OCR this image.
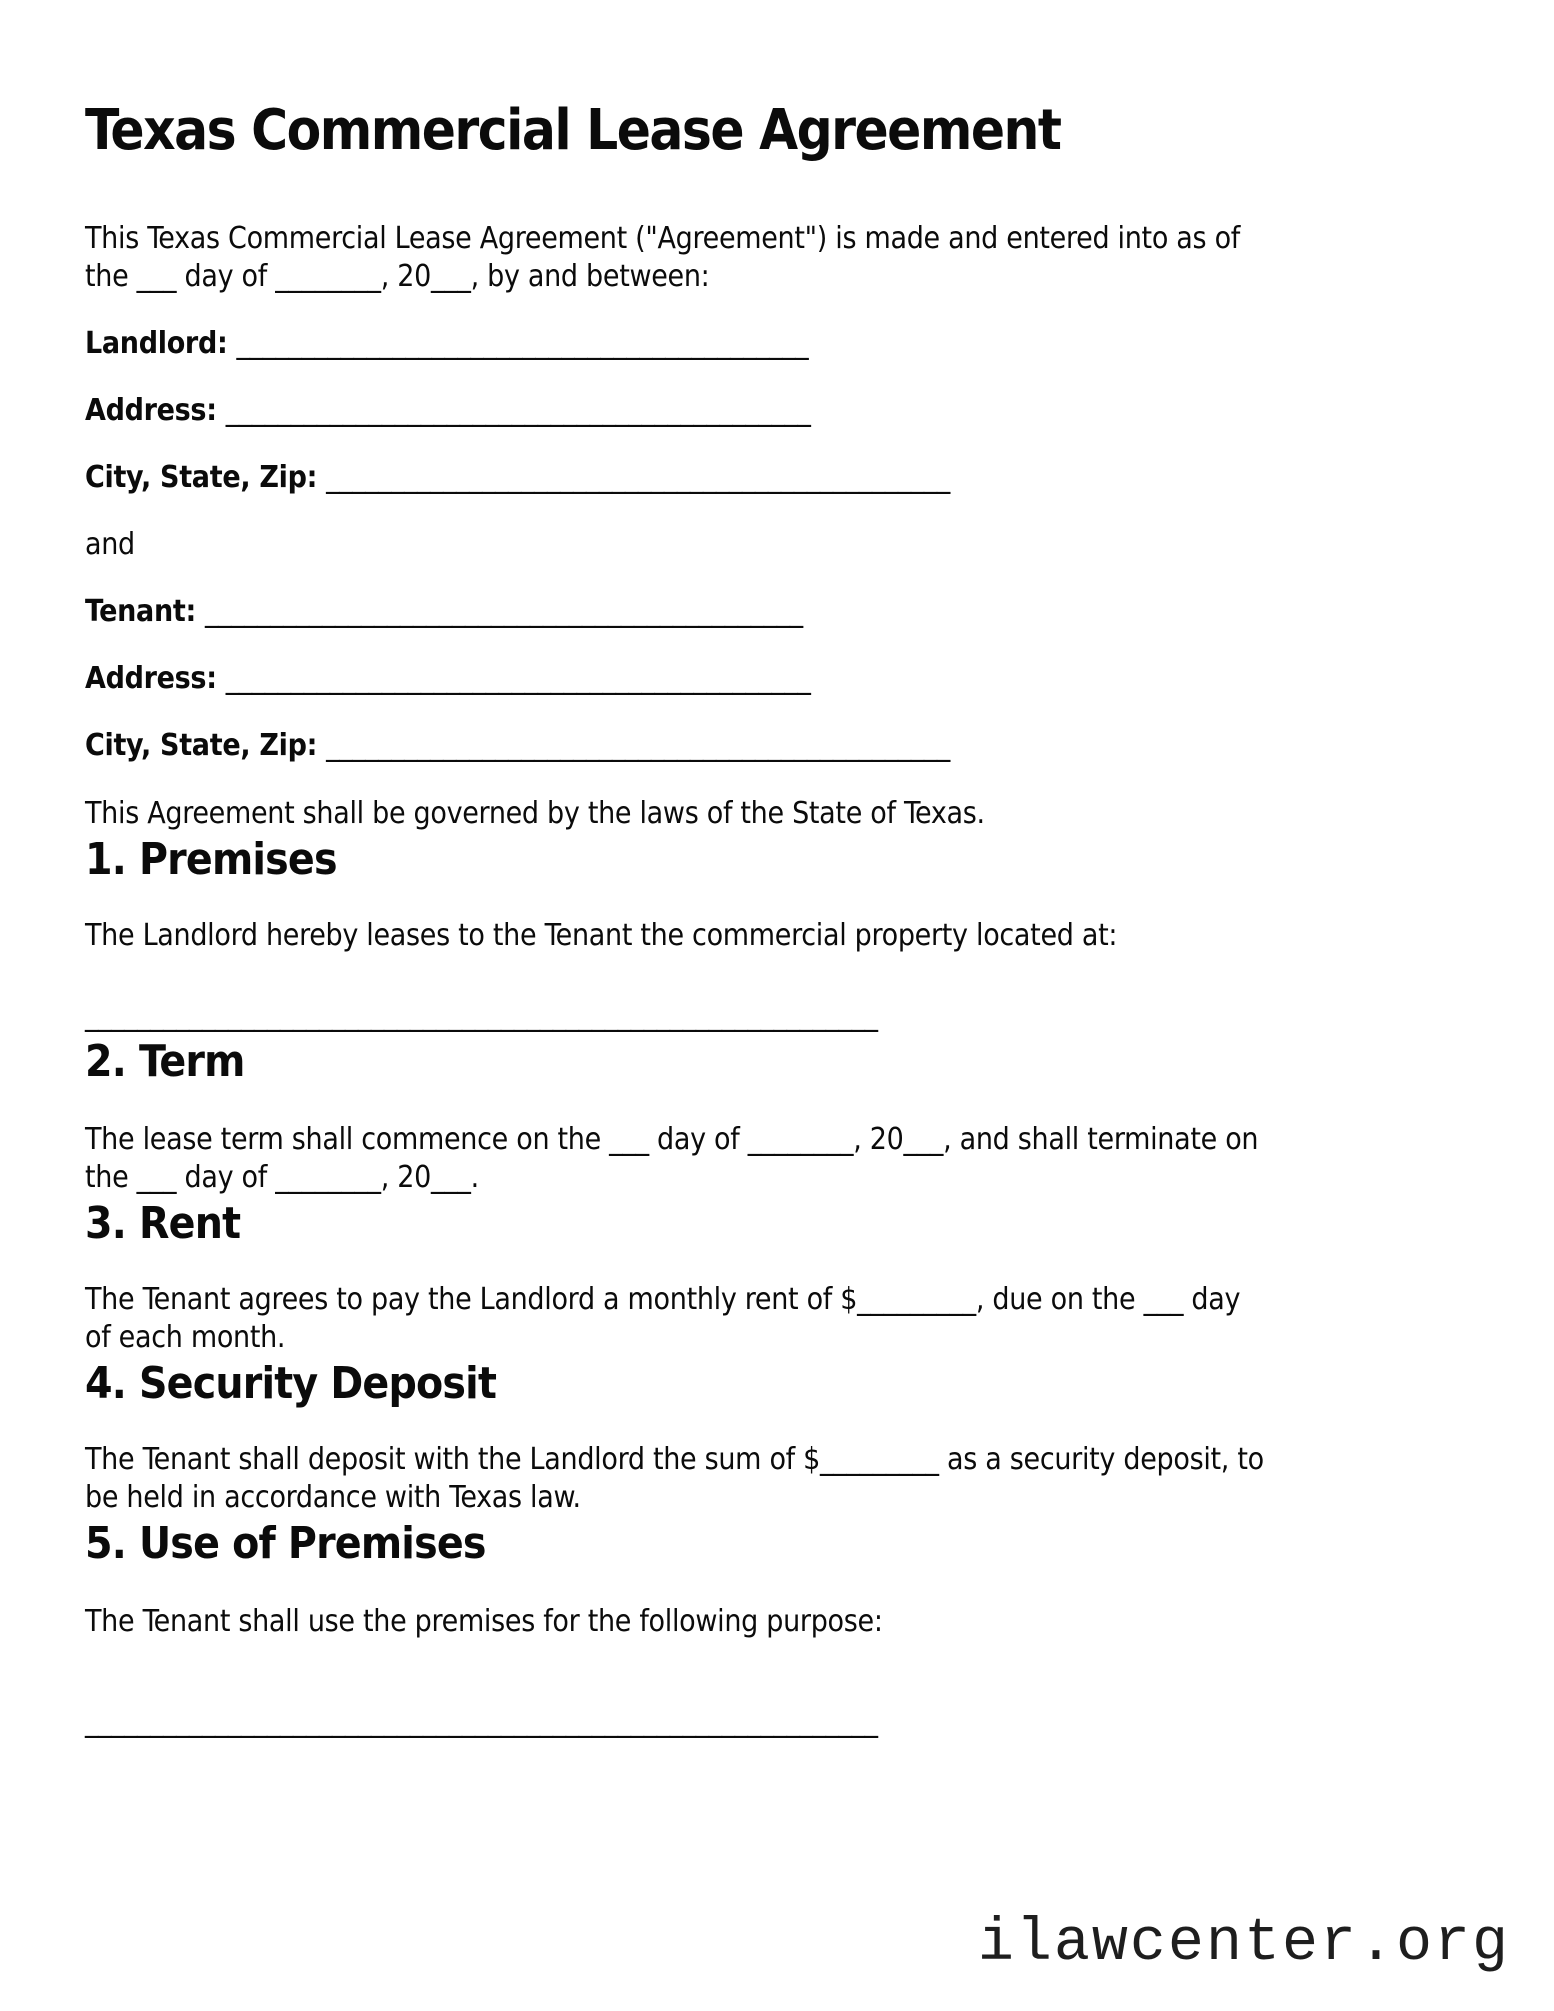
Texas Commercial Lease Agreement

This Texas Commercial Lease Agreement ("Agreement") is made and entered into as of
the ___ day of ________, 20___, by and between:

Landlord: ____________________________________________

Address: _____________________________________________

City, State, Zip: ________________________________________________

and

Tenant: ______________________________________________

Address: _____________________________________________

City, State, Zip: ________________________________________________

This Agreement shall be governed by the laws of the State of Texas.

1. Premises

The Landlord hereby leases to the Tenant the commercial property located at:

_____________________________________________________________

2. Term

The lease term shall commence on the ___ day of ________, 20___, and shall terminate on
the ___ day of ________, 20___.

3. Rent

The Tenant agrees to pay the Landlord a monthly rent of $_________, due on the ___ day
of each month.

4. Security Deposit

The Tenant shall deposit with the Landlord the sum of $_________ as a security deposit, to
be held in accordance with Texas law.

5. Use of Premises

The Tenant shall use the premises for the following purpose:

_____________________________________________________________

ilawcenter.org
